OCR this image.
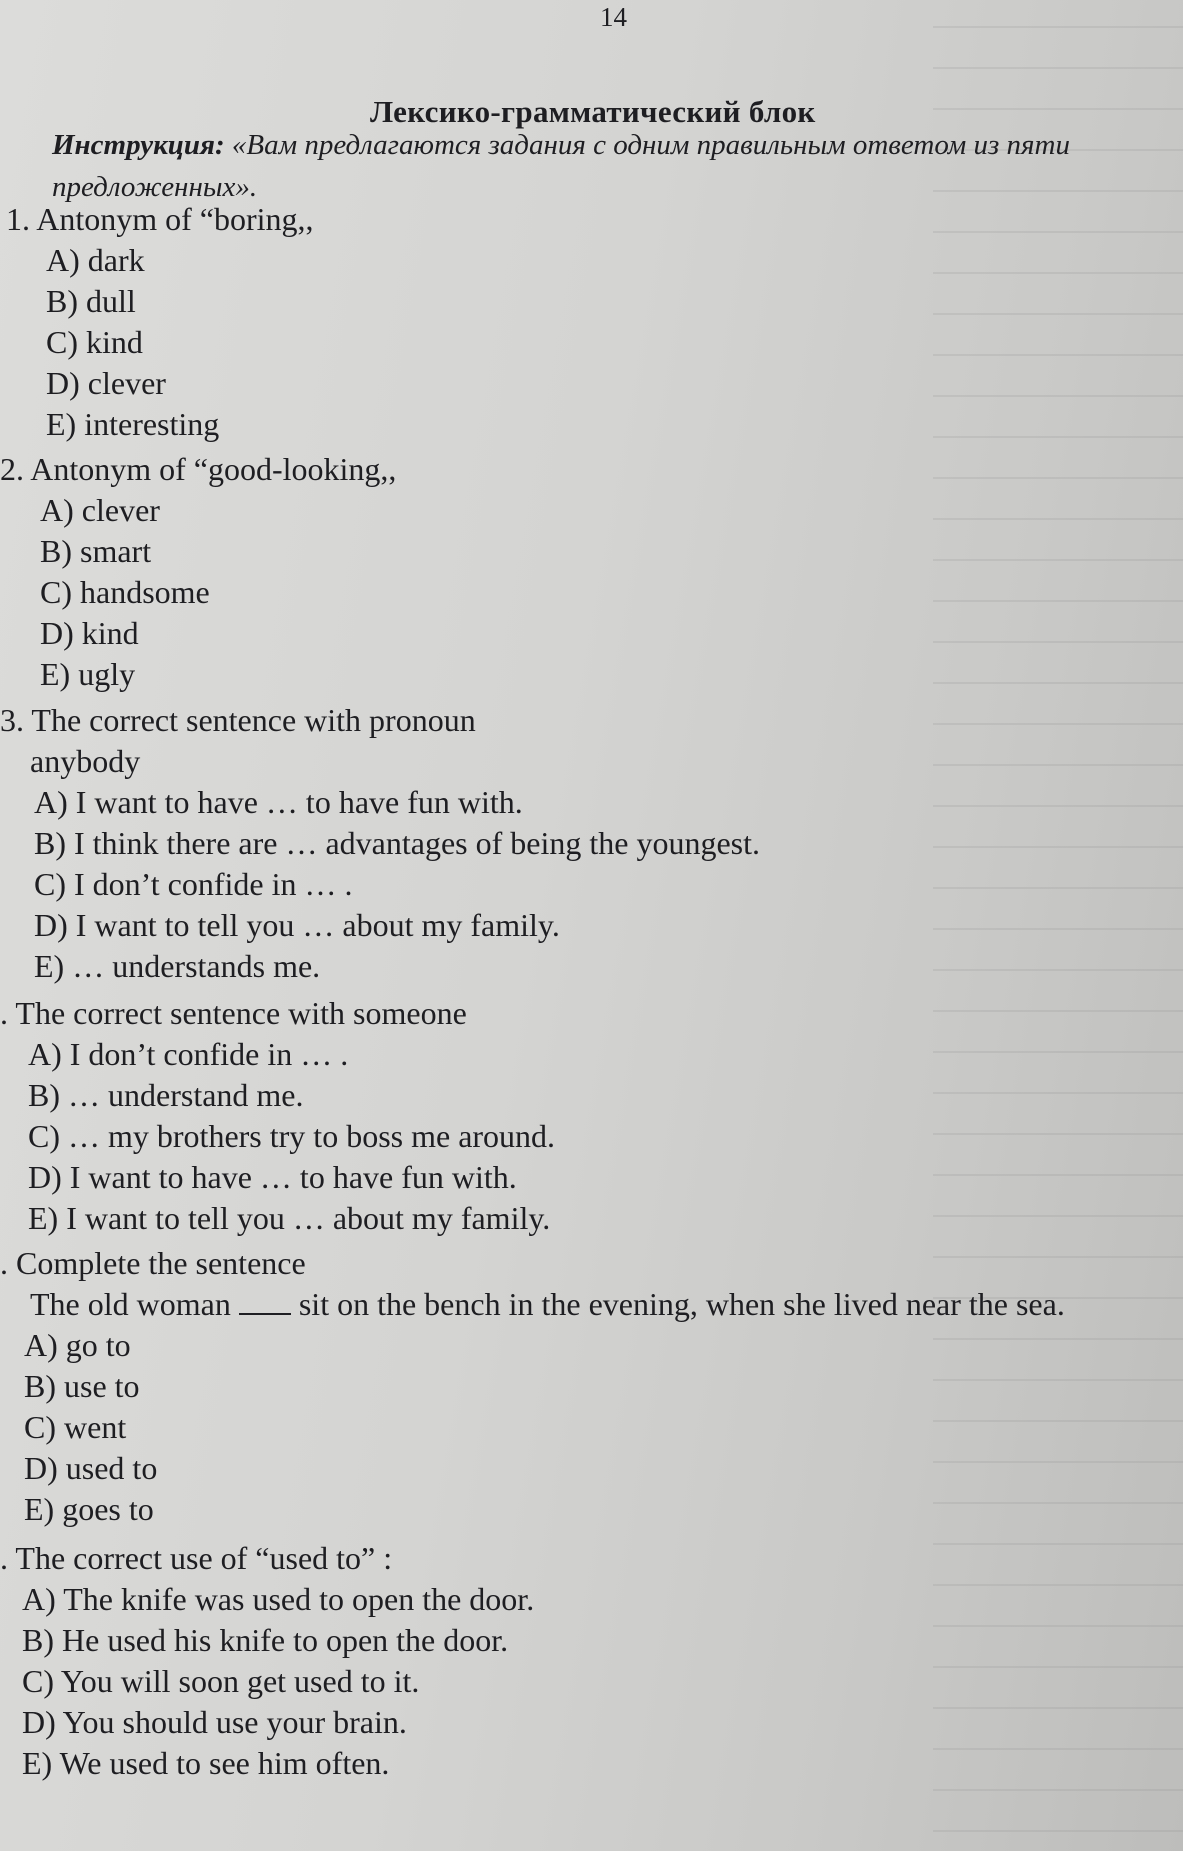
14
Лексико-грамматический блок
Инструкция: «Вам предлагаются задания с одним правильным ответом из пяти предложенных».
1. Antonym of “boring,,
A) dark
B) dull
C) kind
D) clever
E) interesting
2. Antonym of “good-looking,,
A) clever
B) smart
C) handsome
D) kind
E) ugly
3. The correct sentence with pronoun
anybody
A) I want to have … to have fun with.
B) I think there are … advantages of being the youngest.
C) I don’t confide in … .
D) I want to tell you … about my family.
E) … understands me.
. The correct sentence with someone
A) I don’t confide in … .
B) … understand me.
C) … my brothers try to boss me around.
D) I want to have … to have fun with.
E) I want to tell you … about my family.
. Complete the sentence
The old woman sit on the bench in the evening, when she lived near the sea.
A) go to
B) use to
C) went
D) used to
E) goes to
. The correct use of “used to” :
A) The knife was used to open the door.
B) He used his knife to open the door.
C) You will soon get used to it.
D) You should use your brain.
E) We used to see him often.
